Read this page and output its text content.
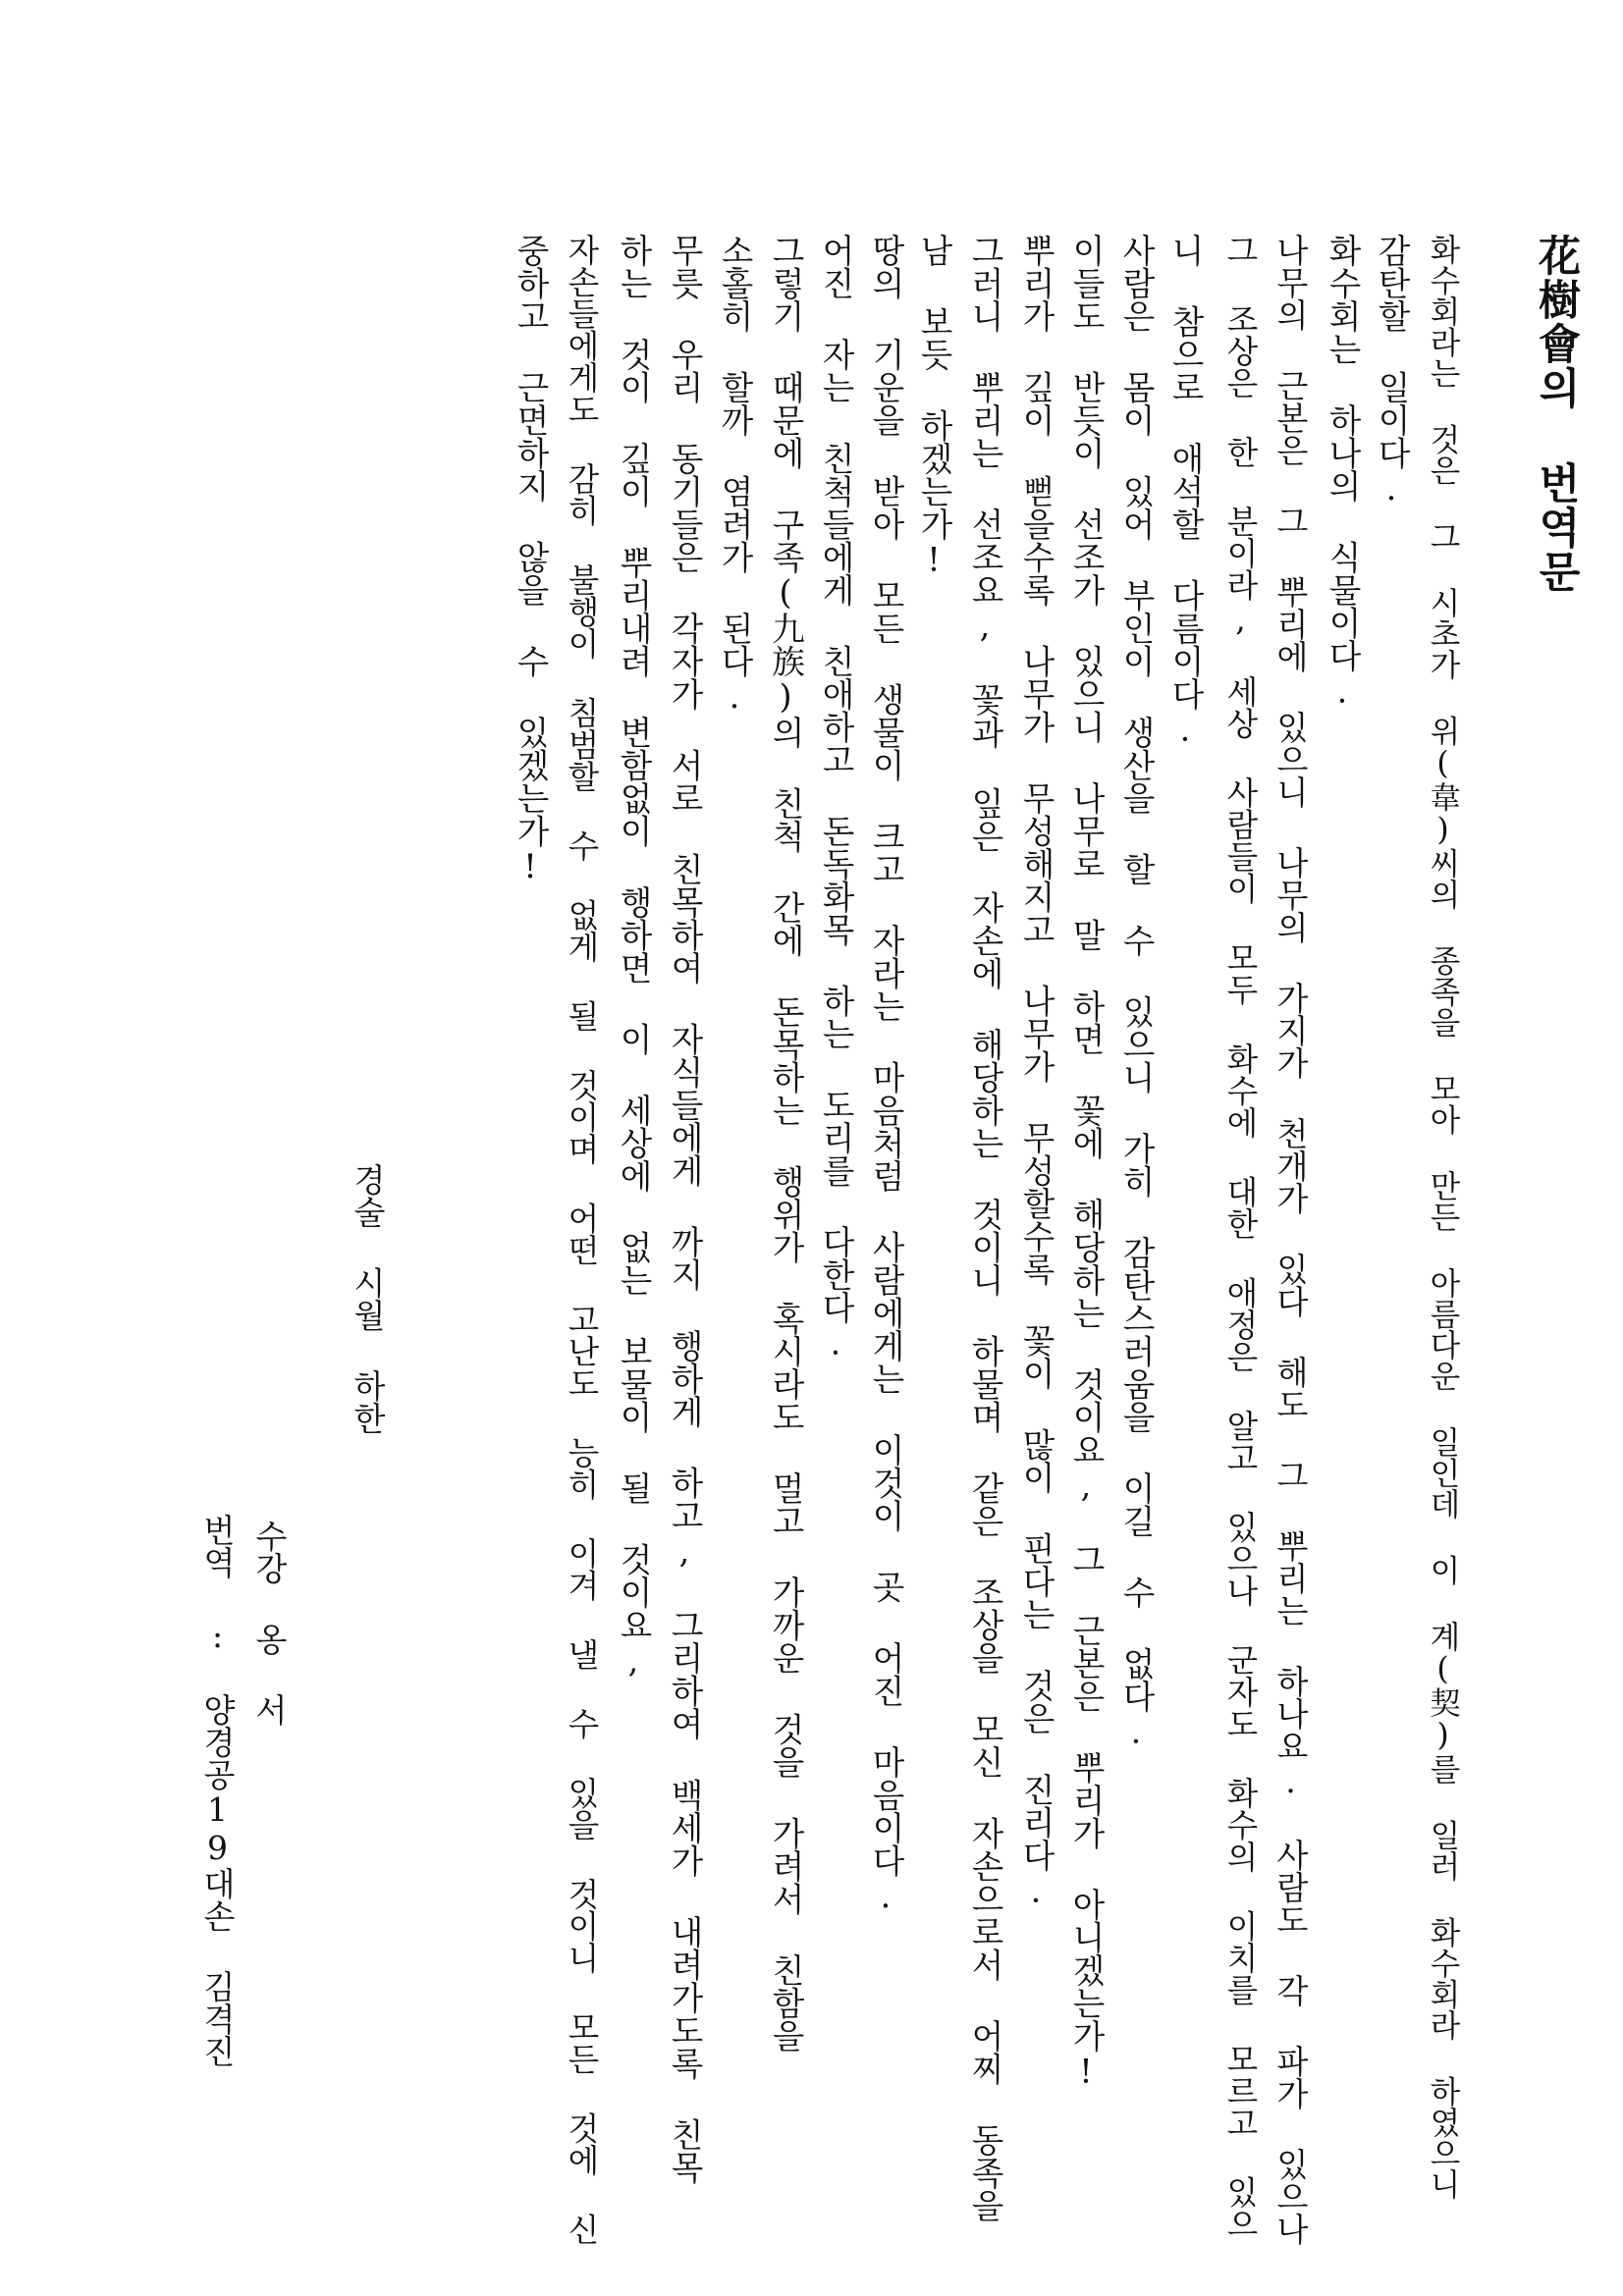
花樹會의 번역문

화수회라는 것은 그 시초가 위(韋)씨의 종족을 모아 만든 아름다운 일인데 이 계(契)를 일러 화수회라 하였으니

감탄할 일이다.

화수회는 하나의 식물이다.

나무의 근본은 그 뿌리에 있으니 나무의 가지가 천개가 있다 해도 그 뿌리는 하나요. 사람도 각 파가 있으나

그 조상은 한 분이라, 세상 사람들이 모두 화수에 대한 애정은 알고 있으나 군자도 화수의 이치를 모르고 있으

니 참으로 애석할 다름이다.

사람은 몸이 있어 부인이 생산을 할 수 있으니 가히 감탄스러움을 이길 수 없다.

이들도 반듯이 선조가 있으니 나무로 말 하면 꽃에 해당하는 것이요, 그 근본은 뿌리가 아니겠는가!

뿌리가 깊이 뻗을수록 나무가 무성해지고 나무가 무성할수록 꽃이 많이 핀다는 것은 진리다.

그러니 뿌리는 선조요, 꽃과 잎은 자손에 해당하는 것이니 하물며 같은 조상을 모신 자손으로서 어찌 동족을

남 보듯 하겠는가!

땅의 기운을 받아 모든 생물이 크고 자라는 마음처럼 사람에게는 이것이 곳 어진 마음이다.

어진 자는 친척들에게 친애하고 돈독화목 하는 도리를 다한다.

그렇기 때문에 구족(九族)의 친척 간에 돈목하는 행위가 혹시라도 멀고 가까운 것을 가려서 친함을

소홀히 할까 염려가 된다.

무릇 우리 동기들은 각자가 서로 친목하여 자식들에게 까지 행하게 하고, 그리하여 백세가 내려가도록 친목

하는 것이 깊이 뿌리내려 변함없이 행하면 이 세상에 없는 보물이 될 것이요,

자손들에게도 감히 불행이 침범할 수 없게 될 것이며 어떤 고난도 능히 이겨 낼 수 있을 것이니 모든 것에 신

중하고 근면하지 않을 수 있겠는가!

경술 시월 하한

수강 옹 서

번역 : 양경공19대손 김격진
